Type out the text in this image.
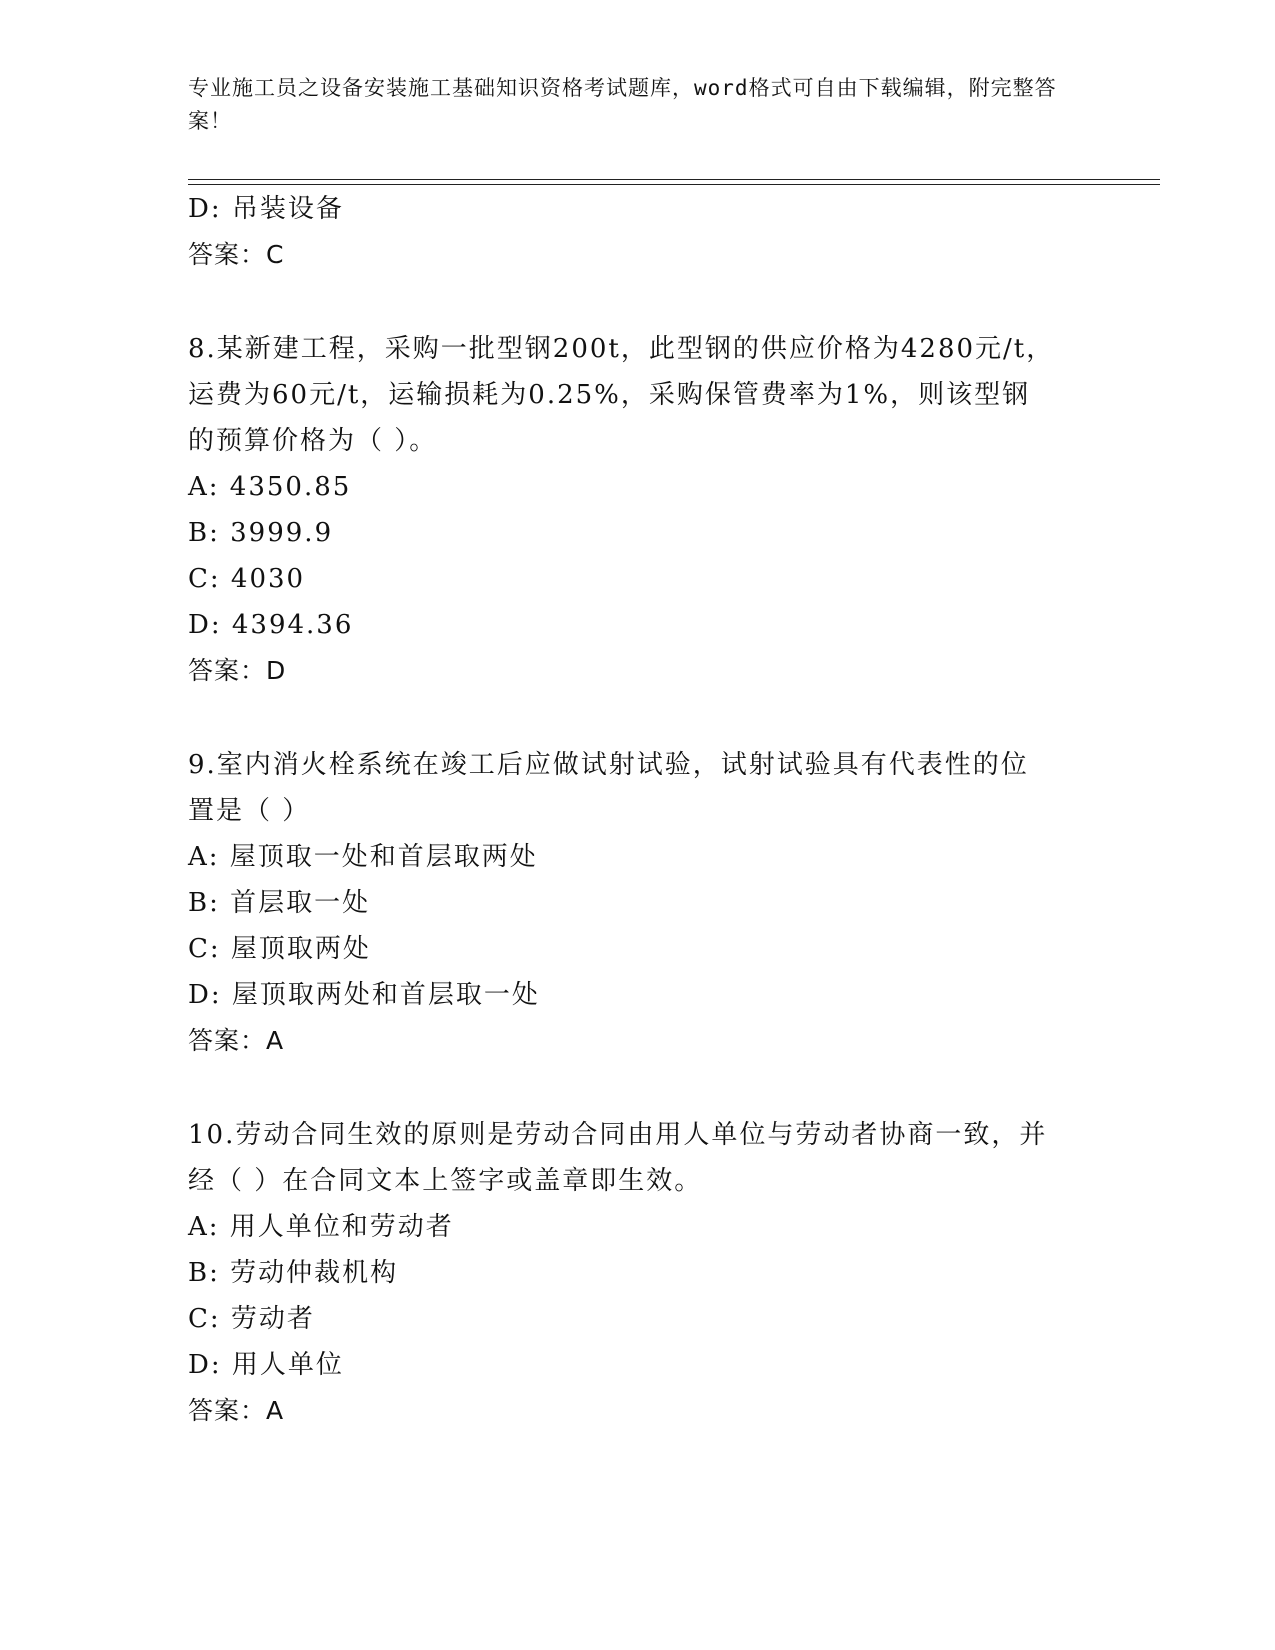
专业施工员之设备安装施工基础知识资格考试题库，word格式可自由下载编辑，附完整答案！
D: 吊装设备
答案：C
8.某新建工程，采购一批型钢200t，此型钢的供应价格为4280元/t，
运费为60元/t，运输损耗为0.25%，采购保管费率为1%，则该型钢
的预算价格为（ ）。
A: 4350.85
B: 3999.9
C: 4030
D: 4394.36
答案：D
9.室内消火栓系统在竣工后应做试射试验，试射试验具有代表性的位
置是（ ）
A: 屋顶取一处和首层取两处
B: 首层取一处
C: 屋顶取两处
D: 屋顶取两处和首层取一处
答案：A
10.劳动合同生效的原则是劳动合同由用人单位与劳动者协商一致，并
经（ ）在合同文本上签字或盖章即生效。
A: 用人单位和劳动者
B: 劳动仲裁机构
C: 劳动者
D: 用人单位
答案：A
